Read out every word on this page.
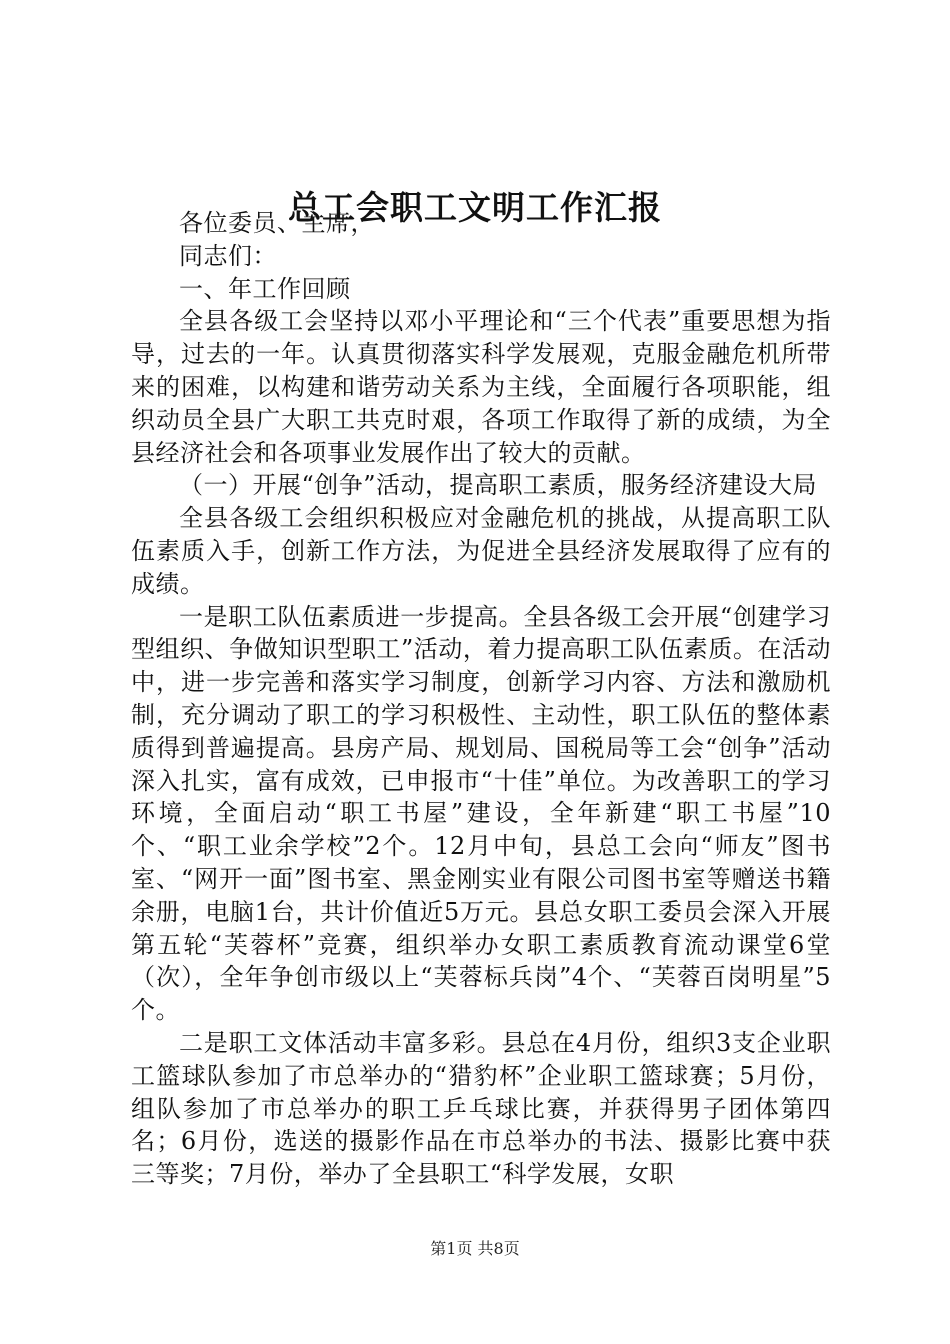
总工会职工文明工作汇报

各位委员、主席，

同志们：

一、年工作回顾

全县各级工会坚持以邓小平理论和“三个代表”重要思想为指导，过去的一年。认真贯彻落实科学发展观，克服金融危机所带来的困难，以构建和谐劳动关系为主线，全面履行各项职能，组织动员全县广大职工共克时艰，各项工作取得了新的成绩，为全县经济社会和各项事业发展作出了较大的贡献。

（一）开展“创争”活动，提高职工素质，服务经济建设大局

全县各级工会组织积极应对金融危机的挑战，从提高职工队伍素质入手，创新工作方法，为促进全县经济发展取得了应有的成绩。

一是职工队伍素质进一步提高。全县各级工会开展“创建学习型组织、争做知识型职工”活动，着力提高职工队伍素质。在活动中，进一步完善和落实学习制度，创新学习内容、方法和激励机制，充分调动了职工的学习积极性、主动性，职工队伍的整体素质得到普遍提高。县房产局、规划局、国税局等工会“创争”活动深入扎实，富有成效，已申报市“十佳”单位。为改善职工的学习环境，全面启动“职工书屋”建设，全年新建“职工书屋”10个、“职工业余学校”2个。12月中旬，县总工会向“师友”图书室、“网开一面”图书室、黑金刚实业有限公司图书室等赠送书籍余册，电脑1台，共计价值近5万元。县总女职工委员会深入开展第五轮“芙蓉杯”竞赛，组织举办女职工素质教育流动课堂6堂（次），全年争创市级以上“芙蓉标兵岗”4个、“芙蓉百岗明星”5个。

二是职工文体活动丰富多彩。县总在4月份，组织3支企业职工篮球队参加了市总举办的“猎豹杯”企业职工篮球赛；5月份，组队参加了市总举办的职工乒乓球比赛，并获得男子团体第四名；6月份，选送的摄影作品在市总举办的书法、摄影比赛中获三等奖；7月份，举办了全县职工“科学发展，女职

第1页 共8页
